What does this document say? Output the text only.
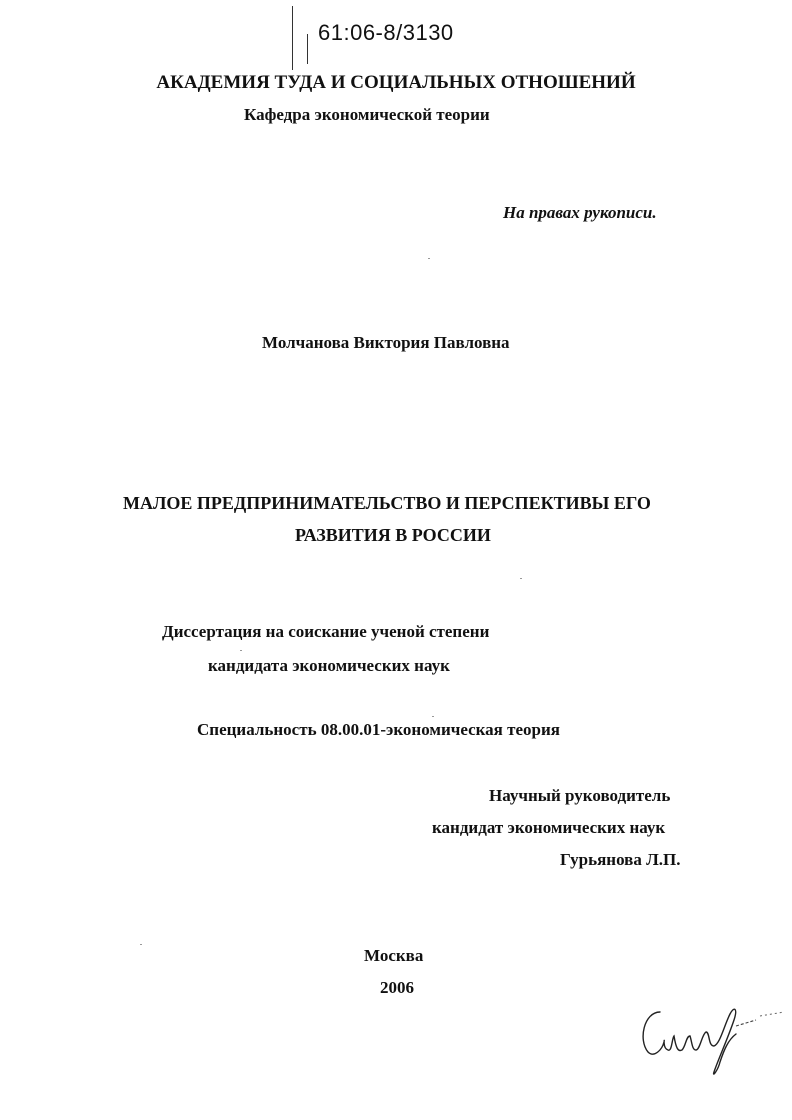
61:06-8/3130
АКАДЕМИЯ ТУДА И СОЦИАЛЬНЫХ ОТНОШЕНИЙ
Кафедра экономической теории
На правах рукописи.
Молчанова Виктория Павловна
МАЛОЕ ПРЕДПРИНИМАТЕЛЬСТВО И ПЕРСПЕКТИВЫ ЕГО
РАЗВИТИЯ В РОССИИ
Диссертация на соискание ученой степени
кандидата экономических наук
Специальность 08.00.01-экономическая теория
Научный руководитель
кандидат экономических наук
Гурьянова Л.П.
Москва
2006
